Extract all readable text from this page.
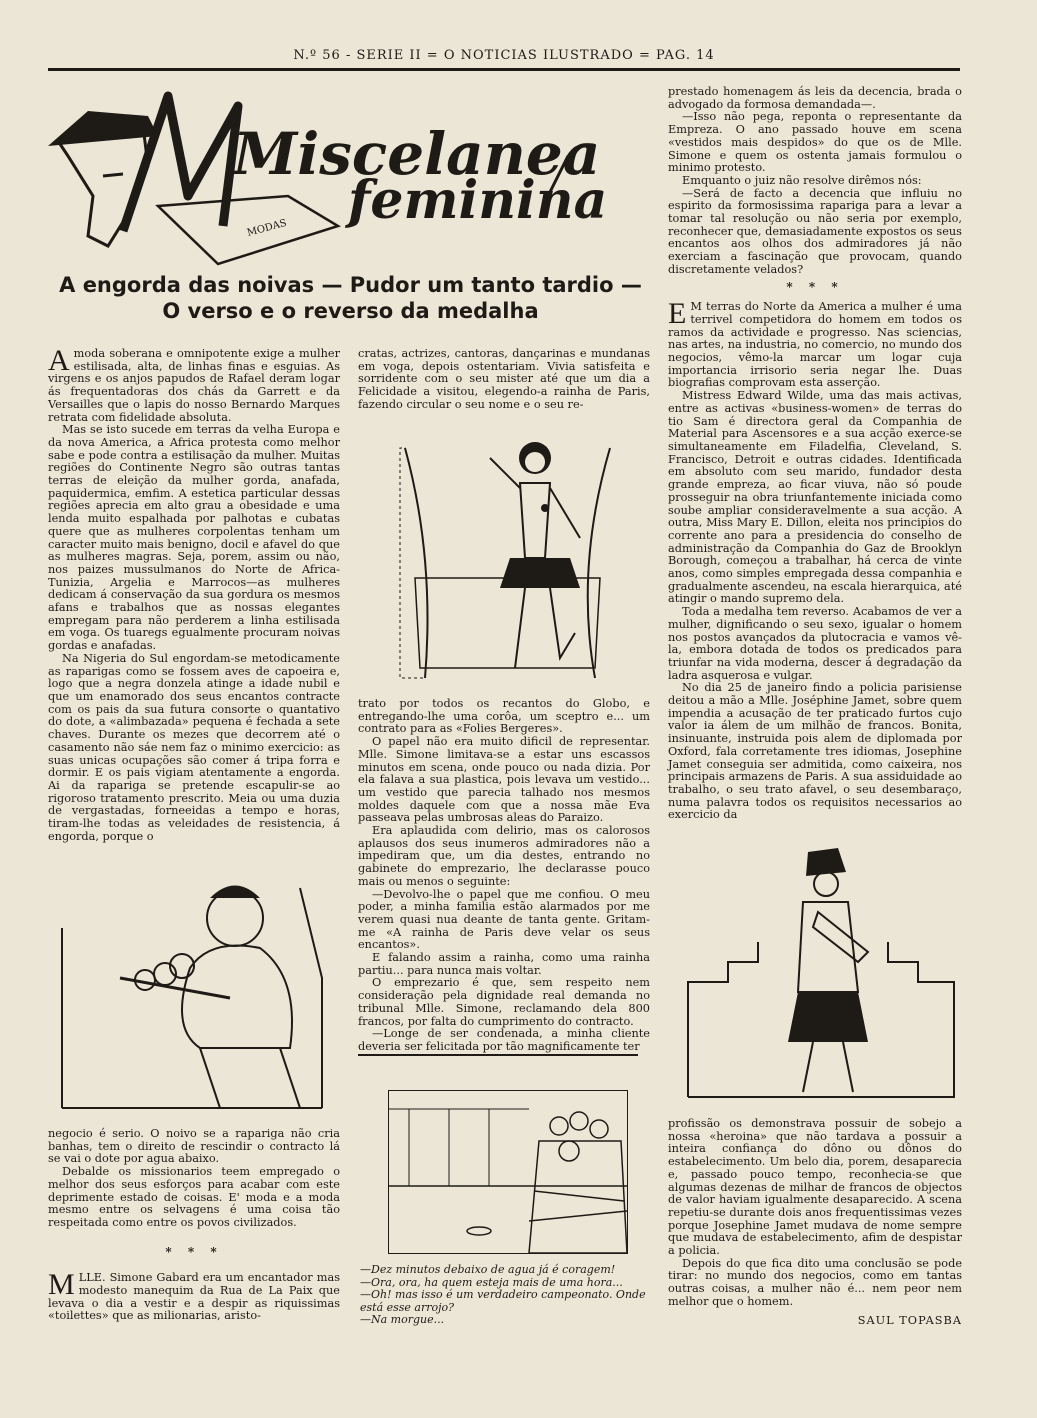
N.º 56 - SERIE II = O NOTICIAS ILUSTRADO = PAG. 14
MODAS
Miscelanea
feminina
A engorda das noivas — Pudor um tanto tardio —
O verso e o reverso da medalha

Amoda soberana e omnipotente exige a mulher estilisada, alta, de linhas finas e esguias. As virgens e os anjos papudos de Rafael deram logar ás frequentadoras dos chás da Garrett e da Versailles que o lapis do nosso Bernardo Marques retrata com fidelidade absoluta.

Mas se isto sucede em terras da velha Europa e da nova America, a Africa protesta como melhor sabe e pode contra a estilisação da mulher. Muitas regiões do Continente Negro são outras tantas terras de eleição da mulher gorda, anafada, paquidermica, emfim. A estetica particular dessas regiões aprecia em alto grau a obesidade e uma lenda muito espalhada por palhotas e cubatas quere que as mulheres corpolentas tenham um caracter muito mais benigno, docil e afavel do que as mulheres magras. Seja, porem, assim ou não, nos paizes mussulmanos do Norte de Africa-Tunizia, Argelia e Marrocos—as mulheres dedicam á conservação da sua gordura os mesmos afans e trabalhos que as nossas elegantes empregam para não perderem a linha estilisada em voga. Os tuaregs egualmente procuram noivas gordas e anafadas.

Na Nigeria do Sul engordam-se metodicamente as raparigas como se fossem aves de capoeira e, logo que a negra donzela atinge a idade nubil e que um enamorado dos seus encantos contracte com os pais da sua futura consorte o quantativo do dote, a «alimbazada» pequena é fechada a sete chaves. Durante os mezes que decorrem até o casamento não sáe nem faz o minimo exercicio: as suas unicas ocupações são comer á tripa forra e dormir. E os pais vigiam atentamente a engorda. Ai da rapariga se pretende escapulir-se ao rigoroso tratamento prescrito. Meia ou uma duzia de vergastadas, forneeidas a tempo e horas, tiram-lhe todas as veleidades de resistencia, á engorda, porque o

negocio é serio. O noivo se a rapariga não cria banhas, tem o direito de rescindir o contracto lá se vai o dote por agua abaixo.

Debalde os missionarios teem empregado o melhor dos seus esforços para acabar com este deprimente estado de coisas. E' moda e a moda mesmo entre os selvagens é uma coisa tão respeitada como entre os povos civilizados.

* * *

MLLE. Simone Gabard era um encantador mas modesto manequim da Rua de La Paix que levava o dia a vestir e a despir as riquissimas «toilettes» que as milionarias, aristo-

cratas, actrizes, cantoras, dançarinas e mundanas em voga, depois ostentariam. Vivia satisfeita e sorridente com o seu mister até que um dia a Felicidade a visitou, elegendo-a rainha de Paris, fazendo circular o seu nome e o seu re-

trato por todos os recantos do Globo, e entregando-lhe uma corôa, um sceptro e... um contrato para as «Folies Bergeres».

O papel não era muito dificil de representar. Mlle. Simone limitava-se a estar uns escassos minutos em scena, onde pouco ou nada dizia. Por ela falava a sua plastica, pois levava um vestido... um vestido que parecia talhado nos mesmos moldes daquele com que a nossa mãe Eva passeava pelas umbrosas aleas do Paraizo.

Era aplaudida com delirio, mas os calorosos aplausos dos seus inumeros admiradores não a impediram que, um dia destes, entrando no gabinete do emprezario, lhe declarasse pouco mais ou menos o seguinte:

—Devolvo-lhe o papel que me confiou. O meu poder, a minha familia estão alarmados por me verem quasi nua deante de tanta gente. Gritam-me «A rainha de Paris deve velar os seus encantos».

E falando assim a rainha, como uma rainha partiu... para nunca mais voltar.

O emprezario é que, sem respeito nem consideração pela dignidade real demanda no tribunal Mlle. Simone, reclamando dela 800 francos, por falta do cumprimento do contracto.

—Longe de ser condenada, a minha cliente deveria ser felicitada por tão magnificamente ter

—Dez minutos debaixo de agua já é coragem!
—Ora, ora, ha quem esteja mais de uma hora...
—Oh! mas isso é um verdadeiro campeonato. Onde está esse arrojo?
—Na morgue...

prestado homenagem ás leis da decencia, brada o advogado da formosa demandada—.

—Isso não pega, reponta o representante da Empreza. O ano passado houve em scena «vestidos mais despidos» do que os de Mlle. Simone e quem os ostenta jamais formulou o minimo protesto.

Emquanto o juiz não resolve dirêmos nós:

—Será de facto a decencia que influiu no espirito da formosissima rapariga para a levar a tomar tal resolução ou não seria por exemplo, reconhecer que, demasiadamente expostos os seus encantos aos olhos dos admiradores já não exerciam a fascinação que provocam, quando discretamente velados?

* * *

E M terras do Norte da America a mulher é uma terrivel competidora do homem em todos os ramos da actividade e progresso. Nas sciencias, nas artes, na industria, no comercio, no mundo dos negocios, vêmo-la marcar um logar cuja importancia irrisorio seria negar lhe. Duas biografias comprovam esta asserção.

Mistress Edward Wilde, uma das mais activas, entre as activas «business-women» de terras do tio Sam é directora geral da Companhia de Material para Ascensores e a sua acção exerce-se simultaneamente em Filadelfia, Cleveland, S. Francisco, Detroit e outras cidades. Identificada em absoluto com seu marido, fundador desta grande empreza, ao ficar viuva, não só poude prosseguir na obra triunfantemente iniciada como soube ampliar consideravelmente a sua acção. A outra, Miss Mary E. Dillon, eleita nos principios do corrente ano para a presidencia do conselho de administração da Companhia do Gaz de Brooklyn Borough, começou a trabalhar, há cerca de vinte anos, como simples empregada dessa companhia e gradualmente ascendeu, na escala hierarquica, até atingir o mando supremo dela.

Toda a medalha tem reverso. Acabamos de ver a mulher, dignificando o seu sexo, igualar o homem nos postos avançados da plutocracia e vamos vê-la, embora dotada de todos os predicados para triunfar na vida moderna, descer á degradação da ladra asquerosa e vulgar.

No dia 25 de janeiro findo a policia parisiense deitou a mão a Mlle. Joséphine Jamet, sobre quem impendia a acusação de ter praticado furtos cujo valor ia álem de um milhão de francos. Bonita, insinuante, instruida pois alem de diplomada por Oxford, fala corretamente tres idiomas, Josephine Jamet conseguia ser admitida, como caixeira, nos principais armazens de Paris. A sua assiduidade ao trabalho, o seu trato afavel, o seu desembaraço, numa palavra todos os requisitos necessarios ao exercicio da

profissão os demonstrava possuir de sobejo a nossa «heroina» que não tardava a possuir a inteira confiança do dôno ou dônos do estabelecimento. Um belo dia, porem, desaparecia e, passado pouco tempo, reconhecia-se que algumas dezenas de milhar de francos de objectos de valor haviam igualmente desaparecido. A scena repetiu-se durante dois anos frequentissimas vezes porque Josephine Jamet mudava de nome sempre que mudava de estabelecimento, afim de despistar a policia.

Depois do que fica dito uma conclusão se pode tirar: no mundo dos negocios, como em tantas outras coisas, a mulher não é... nem peor nem melhor que o homem.

SAUL TOPASBA
